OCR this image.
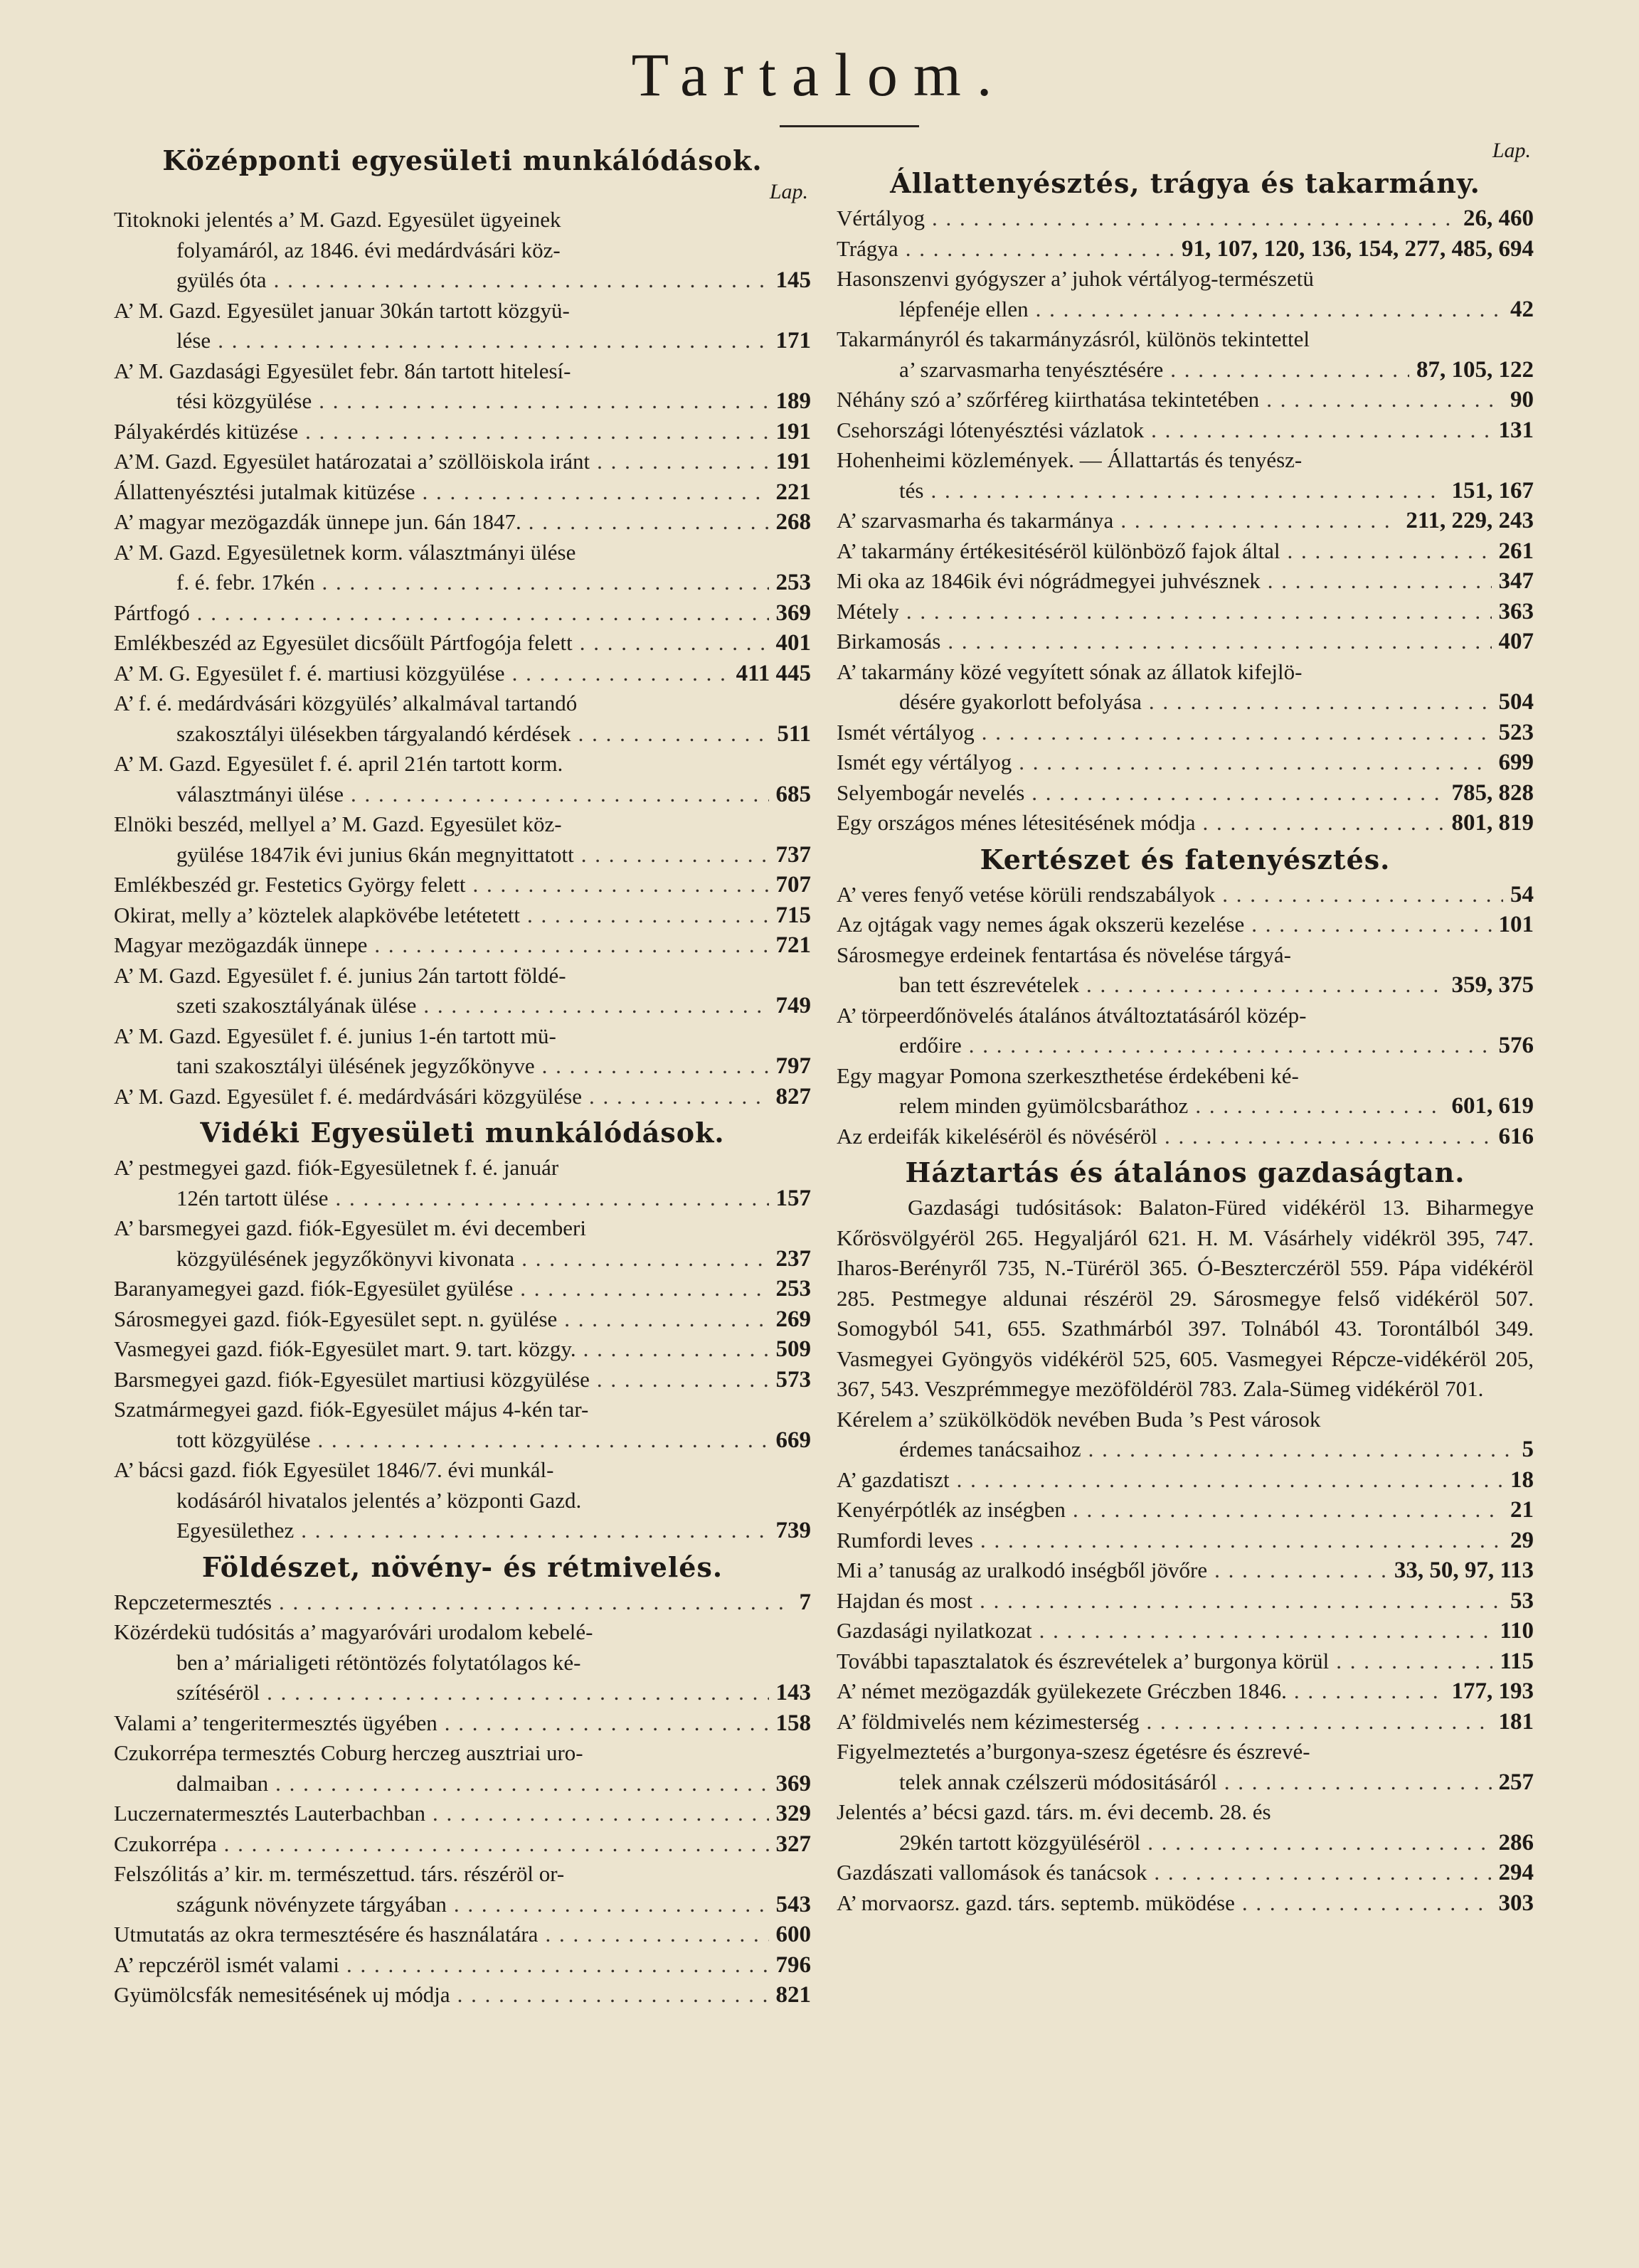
Tartalom.
Középponti egyesületi munkálódások.
Lap.
Titoknoki jelentés a’ M. Gazd. Egyesület ügyeinek
folyamáról, az 1846. évi medárdvásári köz-
gyülés óta . . .	145
A’ M. Gazd. Egyesület januar 30kán tartott közgyü-
lése . . .	171
A’ M. Gazdasági Egyesület febr. 8án tartott hitelesí-
tési közgyülése . . .	189
Pályakérdés kitüzése . . .	191
A’M. Gazd. Egyesület határozatai a’ szöllöiskola iránt . . .	191
Állattenyésztési jutalmak kitüzése . . .	221
A’ magyar mezögazdák ünnepe jun. 6án 1847. . . .	268
A’ M. Gazd. Egyesületnek korm. választmányi ülése
f. é. febr. 17kén . . .	253
Pártfogó . . .	369
Emlékbeszéd az Egyesület dicsőült Pártfogója felett . . .	401
A’ M. G. Egyesület f. é. martiusi közgyülése . . .	411 445
A’ f. é. medárdvásári közgyülés’ alkalmával tartandó
szakosztályi ülésekben tárgyalandó kérdések . . .	511
A’ M. Gazd. Egyesület f. é. april 21én tartott korm.
választmányi ülése . . .	685
Elnöki beszéd, mellyel a’ M. Gazd. Egyesület köz-
gyülése 1847ik évi junius 6kán megnyittatott . . .	737
Emlékbeszéd gr. Festetics György felett . . .	707
Okirat, melly a’ köztelek alapkövébe letétetett . . .	715
Magyar mezögazdák ünnepe . . .	721
A’ M. Gazd. Egyesület f. é. junius 2án tartott földé-
szeti szakosztályának ülése . . .	749
A’ M. Gazd. Egyesület f. é. junius 1-én tartott mü-
tani szakosztályi ülésének jegyzőkönyve . . .	797
A’ M. Gazd. Egyesület f. é. medárdvásári közgyülése . . .	827
Vidéki Egyesületi munkálódások.
A’ pestmegyei gazd. fiók-Egyesületnek f. é. január
12én tartott ülése . . .	157
A’ barsmegyei gazd. fiók-Egyesület m. évi decemberi
közgyülésének jegyzőkönyvi kivonata . . .	237
Baranyamegyei gazd. fiók-Egyesület gyülése . . .	253
Sárosmegyei gazd. fiók-Egyesület sept. n. gyülése . . .	269
Vasmegyei gazd. fiók-Egyesület mart. 9. tart. közgy. . . .	509
Barsmegyei gazd. fiók-Egyesület martiusi közgyülése . . .	573
Szatmármegyei gazd. fiók-Egyesület május 4-kén tar-
tott közgyülése . . .	669
A’ bácsi gazd. fiók Egyesület 1846/7. évi munkál-
kodásáról hivatalos jelentés a’ központi Gazd.
Egyesülethez . . .	739
Földészet, növény- és rétmivelés.
Repczetermesztés . . .	7
Közérdekü tudósitás a’ magyaróvári urodalom kebelé-
ben a’ márialigeti rétöntözés folytatólagos ké-
szítéséröl . . .	143
Valami a’ tengeritermesztés ügyében . . .	158
Czukorrépa termesztés Coburg herczeg ausztriai uro-
dalmaiban . . .	369
Luczernatermesztés Lauterbachban . . .	329
Czukorrépa . . .	327
Felszólitás a’ kir. m. természettud. társ. részéröl or-
szágunk növényzete tárgyában . . .	543
Utmutatás az okra termesztésére és használatára . . .	600
A’ repczéröl ismét valami . . .	796
Gyümölcsfák nemesitésének uj módja . . .	821
Lap.
Állattenyésztés, trágya és takarmány.
Vértályog . . .	26, 460
Trágya . . .	91, 107, 120, 136, 154, 277, 485, 694
Hasonszenvi gyógyszer a’ juhok vértályog-természetü
lépfenéje ellen . . .	42
Takarmányról és takarmányzásról, különös tekintettel
a’ szarvasmarha tenyésztésére . . .	87, 105, 122
Néhány szó a’ szőrféreg kiirthatása tekintetében . . .	90
Csehországi lótenyésztési vázlatok . . .	131
Hohenheimi közlemények. — Állattartás és tenyész-
tés . . .	151, 167
A’ szarvasmarha és takarmánya . . .	211, 229, 243
A’ takarmány értékesitéséröl különböző fajok által . . .	261
Mi oka az 1846ik évi nógrádmegyei juhvésznek . . .	347
Métely . . .	363
Birkamosás . . .	407
A’ takarmány közé vegyített sónak az állatok kifejlö-
désére gyakorlott befolyása . . .	504
Ismét vértályog . . .	523
Ismét egy vértályog . . .	699
Selyembogár nevelés . . .	785, 828
Egy országos ménes létesitésének módja . . .	801, 819
Kertészet és fatenyésztés.
A’ veres fenyő vetése körüli rendszabályok . . .	54
Az ojtágak vagy nemes ágak okszerü kezelése . . .	101
Sárosmegye erdeinek fentartása és növelése tárgyá-
ban tett észrevételek . . .	359, 375
A’ törpeerdőnövelés átalános átváltoztatásáról közép-
erdőire . . .	576
Egy magyar Pomona szerkeszthetése érdekébeni ké-
relem minden gyümölcsbaráthoz . . .	601, 619
Az erdeifák kikeléséröl és növéséröl . . .	616
Háztartás és átalános gazdaságtan.
Gazdasági tudósitások: Balaton-Füred vidékéröl 13. Biharmegye Kőrösvölgyéröl 265. Hegyaljáról 621. H. M. Vásárhely vidékröl 395, 747. Iharos-Berényről 735, N.-Türéröl 365. Ó-Beszterczéröl 559. Pápa vidékéröl 285. Pestmegye aldunai részéröl 29. Sárosmegye felső vidékéröl 507. Somogyból 541, 655. Szathmárból 397. Tolnából 43. Torontálból 349. Vasmegyei Gyöngyös vidékéröl 525, 605. Vasmegyei Répcze-vidékéröl 205, 367, 543. Veszprémmegye mezöföldéröl 783. Zala-Sümeg vidékéröl 701.
Kérelem a’ szükölködök nevében Buda ’s Pest városok
érdemes tanácsaihoz . . .	5
A’ gazdatiszt . . .	18
Kenyérpótlék az inségben . . .	21
Rumfordi leves . . .	29
Mi a’ tanuság az uralkodó inségből jövőre . . .	33, 50, 97, 113
Hajdan és most . . .	53
Gazdasági nyilatkozat . . .	110
További tapasztalatok és észrevételek a’ burgonya körül . . .	115
A’ német mezögazdák gyülekezete Gréczben 1846. . . .	177, 193
A’ földmivelés nem kézimesterség . . .	181
Figyelmeztetés a’burgonya-szesz égetésre és észrevé-
telek annak czélszerü módositásáról . . .	257
Jelentés a’ bécsi gazd. társ. m. évi decemb. 28. és
29kén tartott közgyüléséröl . . .	286
Gazdászati vallomások és tanácsok . . .	294
A’ morvaorsz. gazd. társ. septemb. müködése . . .	303
